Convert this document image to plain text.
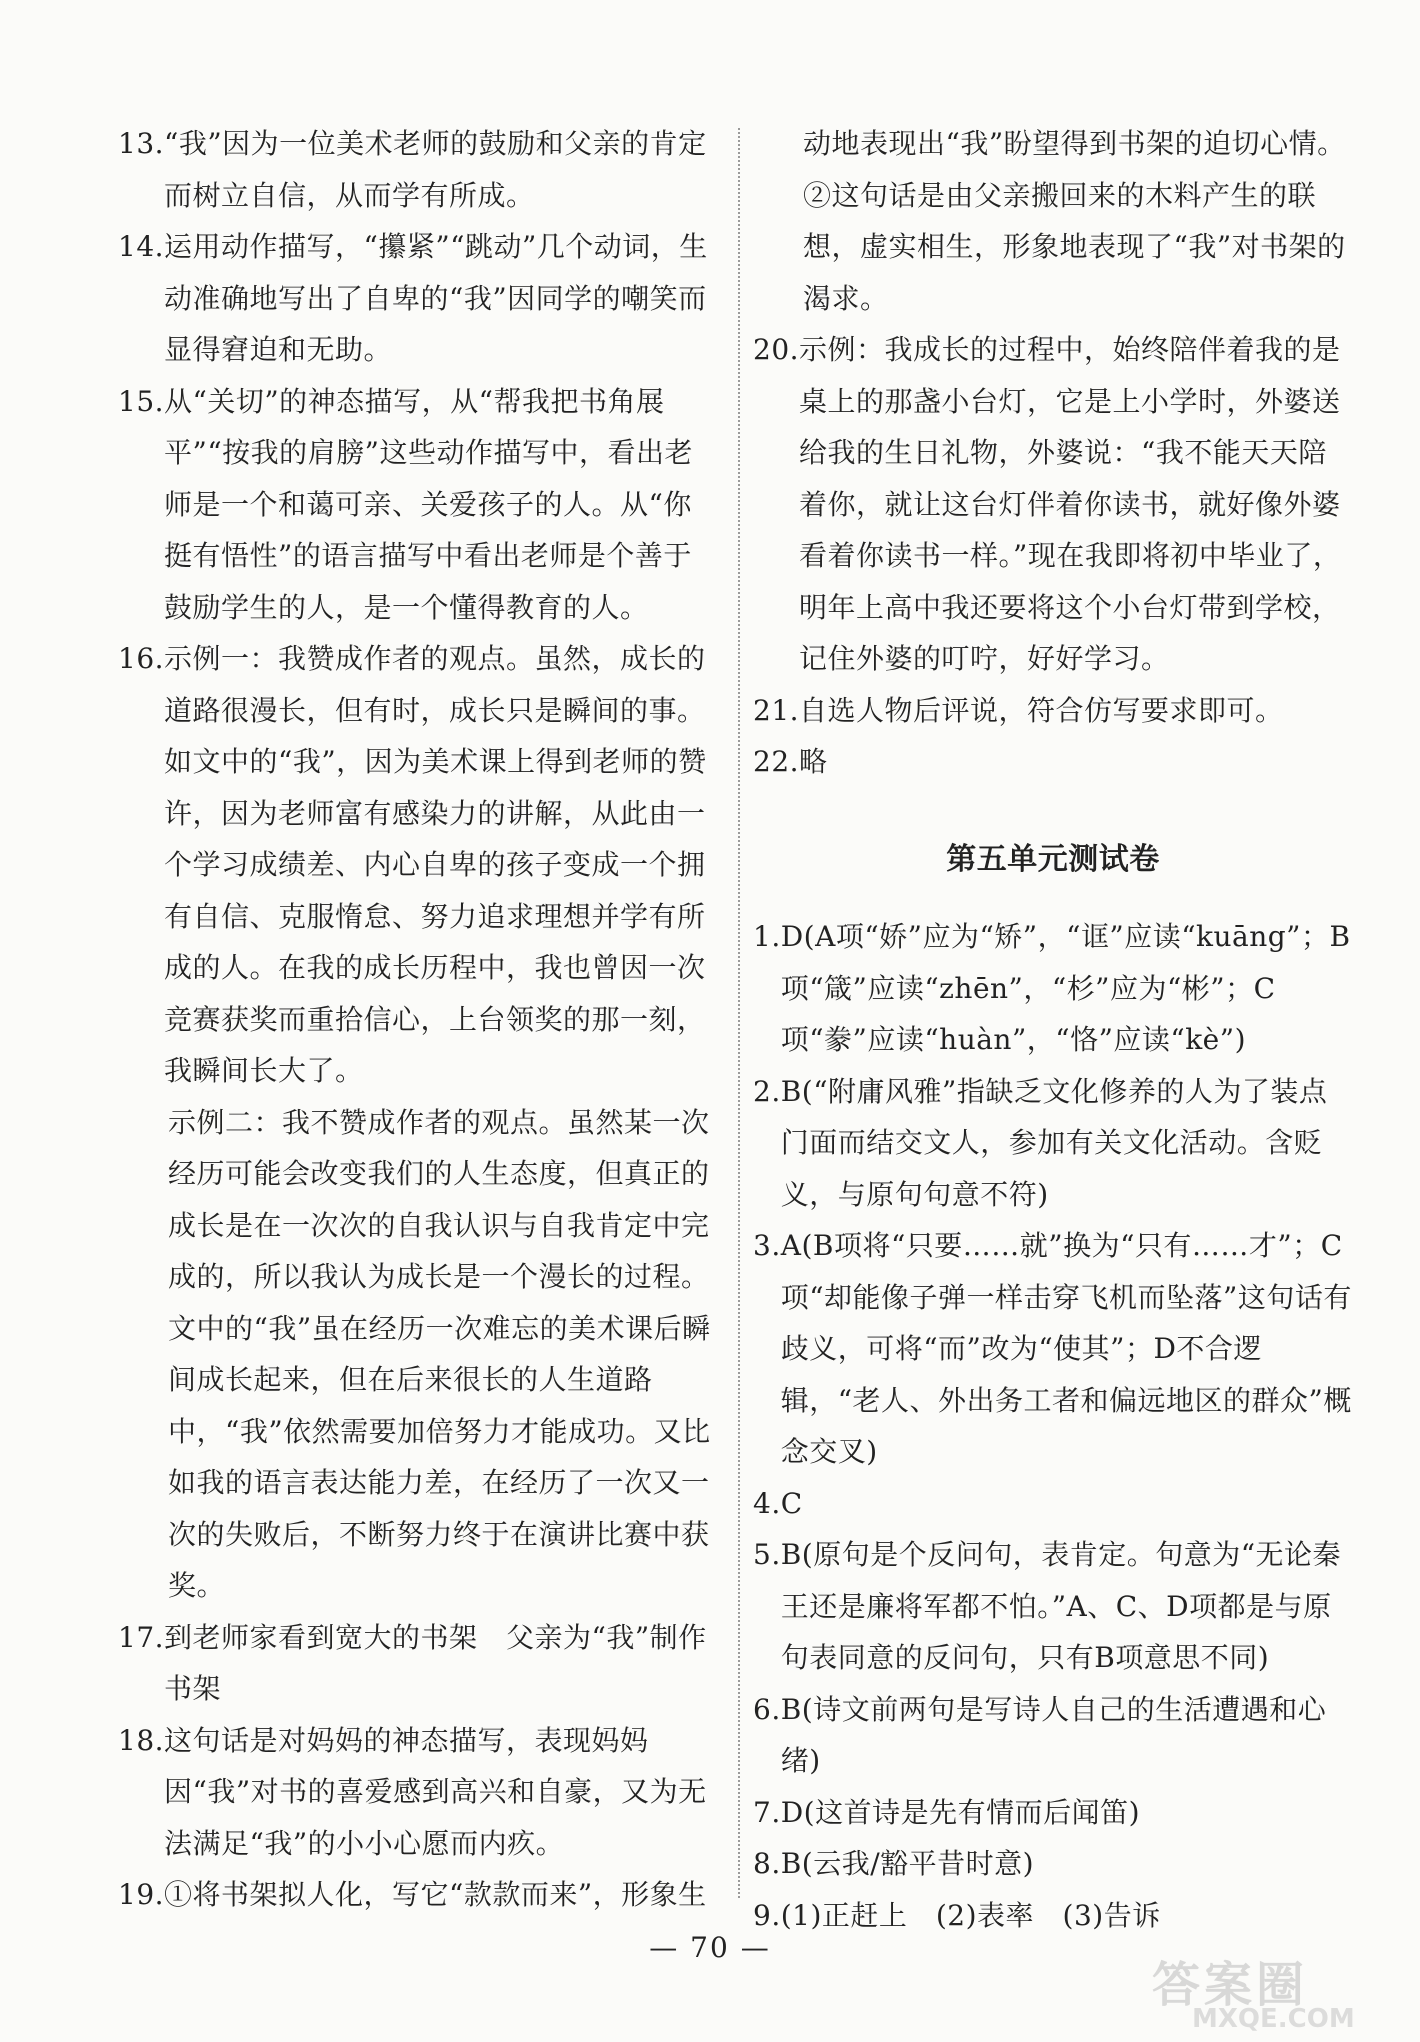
13. “我”因为一位美术老师的鼓励和父亲的肯定而树立自信，从而学有所成。
14. 运用动作描写，“攥紧”“跳动”几个动词，生动准确地写出了自卑的“我”因同学的嘲笑而显得窘迫和无助。
15. 从“关切”的神态描写，从“帮我把书角展平”“按我的肩膀”这些动作描写中，看出老师是一个和蔼可亲、关爱孩子的人。从“你挺有悟性”的语言描写中看出老师是个善于鼓励学生的人，是一个懂得教育的人。
16. 示例一：我赞成作者的观点。虽然，成长的道路很漫长，但有时，成长只是瞬间的事。如文中的“我”，因为美术课上得到老师的赞许，因为老师富有感染力的讲解，从此由一个学习成绩差、内心自卑的孩子变成一个拥有自信、克服惰怠、努力追求理想并学有所成的人。在我的成长历程中，我也曾因一次竞赛获奖而重拾信心，上台领奖的那一刻，我瞬间长大了。
示例二：我不赞成作者的观点。虽然某一次经历可能会改变我们的人生态度，但真正的成长是在一次次的自我认识与自我肯定中完成的，所以我认为成长是一个漫长的过程。文中的“我”虽在经历一次难忘的美术课后瞬间成长起来，但在后来很长的人生道路中，“我”依然需要加倍努力才能成功。又比如我的语言表达能力差，在经历了一次又一次的失败后，不断努力终于在演讲比赛中获奖。
17. 到老师家看到宽大的书架　父亲为“我”制作书架
18. 这句话是对妈妈的神态描写，表现妈妈因“我”对书的喜爱感到高兴和自豪，又为无法满足“我”的小小心愿而内疚。
19. ①将书架拟人化，写它“款款而来”，形象生
动地表现出“我”盼望得到书架的迫切心情。
②这句话是由父亲搬回来的木料产生的联想，虚实相生，形象地表现了“我”对书架的渴求。
20. 示例：我成长的过程中，始终陪伴着我的是桌上的那盏小台灯，它是上小学时，外婆送给我的生日礼物，外婆说：“我不能天天陪着你，就让这台灯伴着你读书，就好像外婆看着你读书一样。”现在我即将初中毕业了，明年上高中我还要将这个小台灯带到学校，记住外婆的叮咛，好好学习。
21. 自选人物后评说，符合仿写要求即可。
22. 略
第五单元测试卷
1. D(A项“娇”应为“矫”，“诓”应读“kuāng”；B项“箴”应读“zhēn”，“杉”应为“彬”；C项“豢”应读“huàn”，“恪”应读“kè”)
2. B(“附庸风雅”指缺乏文化修养的人为了装点门面而结交文人，参加有关文化活动。含贬义，与原句句意不符)
3. A(B项将“只要……就”换为“只有……才”；C项“却能像子弹一样击穿飞机而坠落”这句话有歧义，可将“而”改为“使其”；D不合逻辑，“老人、外出务工者和偏远地区的群众”概念交叉)
4. C
5. B(原句是个反问句，表肯定。句意为“无论秦王还是廉将军都不怕。”A、C、D项都是与原句表同意的反问句，只有B项意思不同)
6. B(诗文前两句是写诗人自己的生活遭遇和心绪)
7. D(这首诗是先有情而后闻笛)
8. B(云我/豁平昔时意)
9. (1)正赶上　(2)表率　(3)告诉
— 70 —
答案圈
MXQE.COM
